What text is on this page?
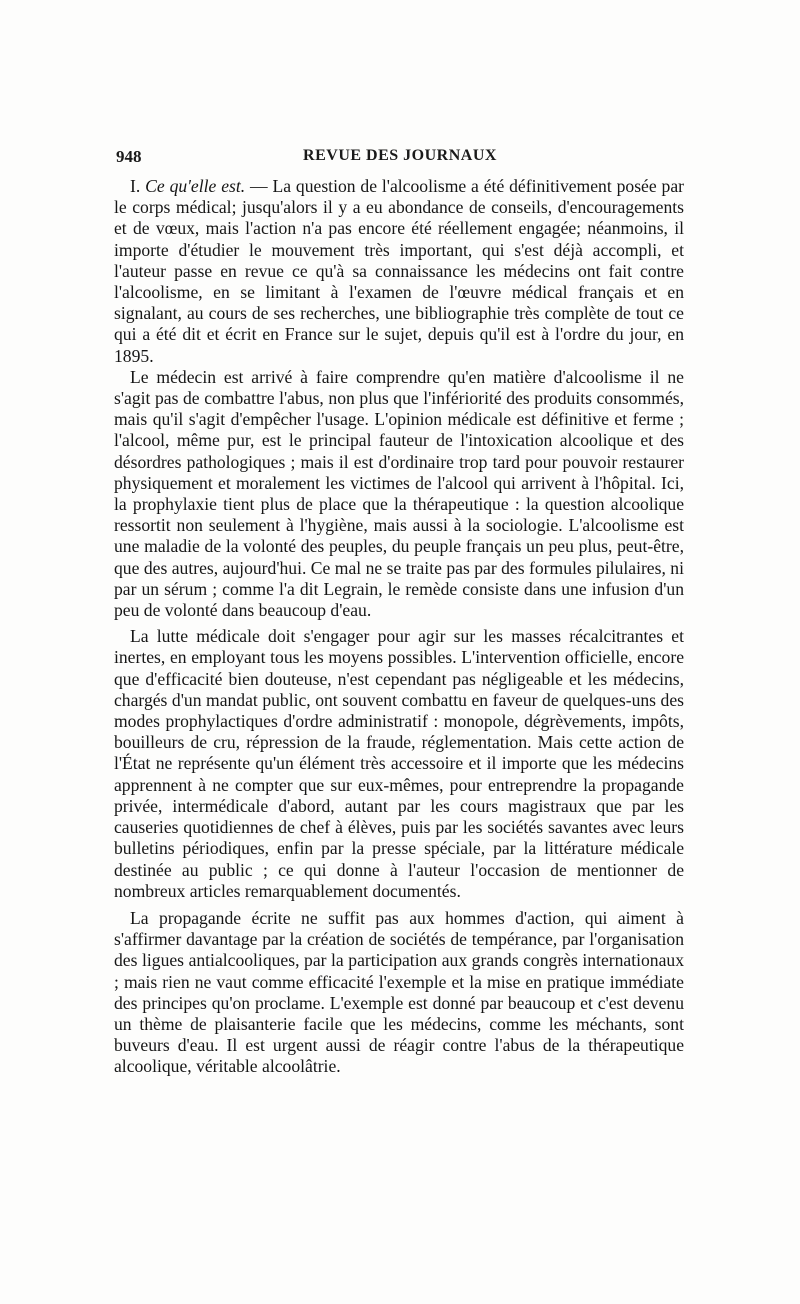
948	REVUE DES JOURNAUX

I. Ce qu'elle est. — La question de l'alcoolisme a été définitivement posée par le corps médical; jusqu'alors il y a eu abondance de conseils, d'encouragements et de vœux, mais l'action n'a pas encore été réellement engagée; néanmoins, il importe d'étudier le mouvement très important, qui s'est déjà accompli, et l'auteur passe en revue ce qu'à sa connaissance les médecins ont fait contre l'alcoolisme, en se limitant à l'examen de l'œuvre médical français et en signalant, au cours de ses recherches, une bibliographie très complète de tout ce qui a été dit et écrit en France sur le sujet, depuis qu'il est à l'ordre du jour, en 1895.

Le médecin est arrivé à faire comprendre qu'en matière d'alcoolisme il ne s'agit pas de combattre l'abus, non plus que l'infériorité des produits consommés, mais qu'il s'agit d'empêcher l'usage. L'opinion médicale est définitive et ferme ; l'alcool, même pur, est le principal fauteur de l'intoxication alcoolique et des désordres pathologiques ; mais il est d'ordinaire trop tard pour pouvoir restaurer physiquement et moralement les victimes de l'alcool qui arrivent à l'hôpital. Ici, la prophylaxie tient plus de place que la thérapeutique : la question alcoolique ressortit non seulement à l'hygiène, mais aussi à la sociologie. L'alcoolisme est une maladie de la volonté des peuples, du peuple français un peu plus, peut-être, que des autres, aujourd'hui. Ce mal ne se traite pas par des formules pilulaires, ni par un sérum ; comme l'a dit Legrain, le remède consiste dans une infusion d'un peu de volonté dans beaucoup d'eau.

La lutte médicale doit s'engager pour agir sur les masses récalcitrantes et inertes, en employant tous les moyens possibles. L'intervention officielle, encore que d'efficacité bien douteuse, n'est cependant pas négligeable et les médecins, chargés d'un mandat public, ont souvent combattu en faveur de quelques-uns des modes prophylactiques d'ordre administratif : monopole, dégrèvements, impôts, bouilleurs de cru, répression de la fraude, réglementation. Mais cette action de l'État ne représente qu'un élément très accessoire et il importe que les médecins apprennent à ne compter que sur eux-mêmes, pour entreprendre la propagande privée, intermédicale d'abord, autant par les cours magistraux que par les causeries quotidiennes de chef à élèves, puis par les sociétés savantes avec leurs bulletins périodiques, enfin par la presse spéciale, par la littérature médicale destinée au public ; ce qui donne à l'auteur l'occasion de mentionner de nombreux articles remarquablement documentés.

La propagande écrite ne suffit pas aux hommes d'action, qui aiment à s'affirmer davantage par la création de sociétés de tempérance, par l'organisation des ligues antialcooliques, par la participation aux grands congrès internationaux ; mais rien ne vaut comme efficacité l'exemple et la mise en pratique immédiate des principes qu'on proclame. L'exemple est donné par beaucoup et c'est devenu un thème de plaisanterie facile que les médecins, comme les méchants, sont buveurs d'eau. Il est urgent aussi de réagir contre l'abus de la thérapeutique alcoolique, véritable alcoolâtrie.
